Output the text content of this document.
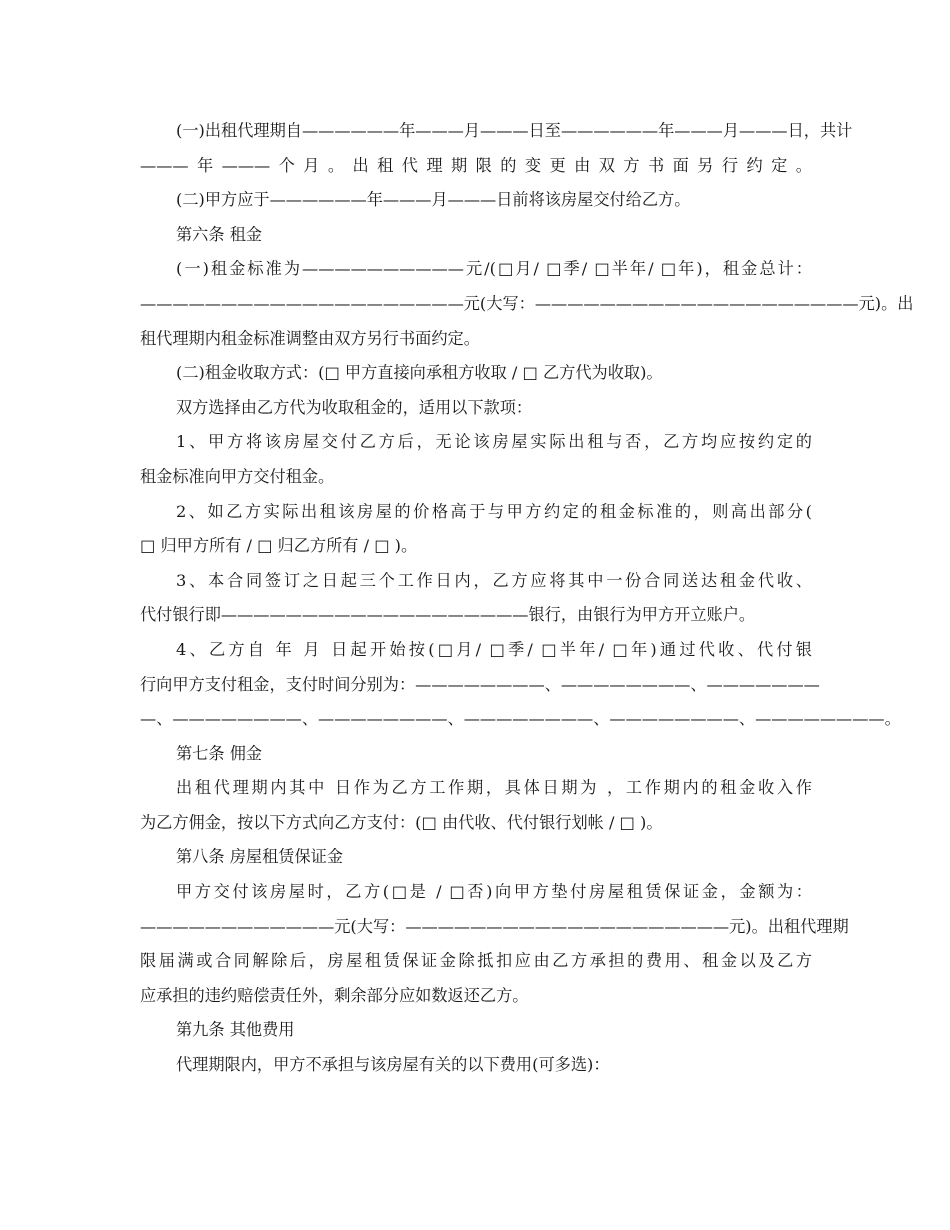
(一)出租代理期自——————年———月———日至——————年———月———日，共计
———年———个月。出租代理期限的变更由双方书面另行约定。
(二)甲方应于——————年———月———日前将该房屋交付给乙方。
第六条 租金
(一)租金标准为——————————元/(□月/ □季/ □半年/ □年)，租金总计：
————————————————————元(大写：————————————————————元)。出
租代理期内租金标准调整由双方另行书面约定。
(二)租金收取方式：(□ 甲方直接向承租方收取 / □ 乙方代为收取)。
双方选择由乙方代为收取租金的，适用以下款项：
1、甲方将该房屋交付乙方后，无论该房屋实际出租与否，乙方均应按约定的
租金标准向甲方交付租金。
2、如乙方实际出租该房屋的价格高于与甲方约定的租金标准的，则高出部分(
□ 归甲方所有 / □ 归乙方所有 / □ )。
3、本合同签订之日起三个工作日内，乙方应将其中一份合同送达租金代收、
代付银行即———————————————————银行，由银行为甲方开立账户。
4、乙方自 年 月 日起开始按(□月/ □季/ □半年/ □年)通过代收、代付银
行向甲方支付租金，支付时间分别为：————————、————————、———————
—、————————、————————、————————、————————、————————。
第七条 佣金
出租代理期内其中 日作为乙方工作期，具体日期为 ，工作期内的租金收入作
为乙方佣金，按以下方式向乙方支付：(□ 由代收、代付银行划帐 / □ )。
第八条 房屋租赁保证金
甲方交付该房屋时，乙方(□是 / □否)向甲方垫付房屋租赁保证金，金额为：
————————————元(大写：————————————————————元)。出租代理期
限届满或合同解除后，房屋租赁保证金除抵扣应由乙方承担的费用、租金以及乙方
应承担的违约赔偿责任外，剩余部分应如数返还乙方。
第九条 其他费用
代理期限内，甲方不承担与该房屋有关的以下费用(可多选)：
